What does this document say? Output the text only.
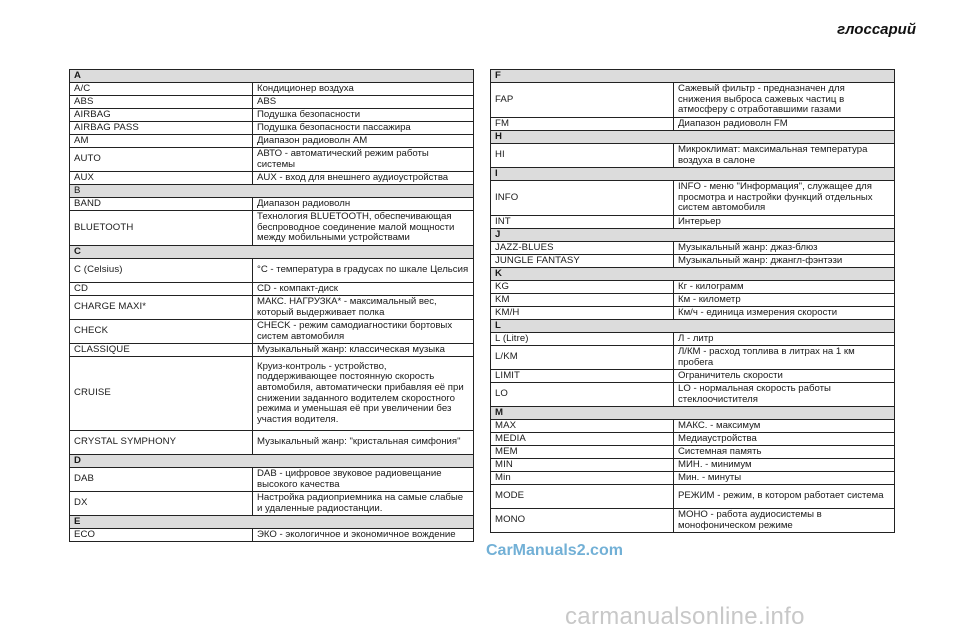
глоссарий
A	
A/C	Кондиционер воздуха
ABS	ABS
AIRBAG	Подушка безопасности
AIRBAG PASS	Подушка безопасности пассажира
AM	Диапазон радиоволн АМ
AUTO	АВТО - автоматический режим работы системы
AUX	AUX - вход для внешнего аудиоустройства
B	
BAND	Диапазон радиоволн
BLUETOOTH	Технология BLUETOOTH, обеспечивающая беспроводное соединение малой мощности между мобильными устройствами
C	
C (Celsius)	°C - температура в градусах по шкале Цельсия
CD	CD - компакт-диск
CHARGE MAXI*	МАКС. НАГРУЗКА* - максимальный вес, который выдерживает полка
CHECK	CHECK - режим самодиагностики бортовых систем автомобиля
CLASSIQUE	Музыкальный жанр: классическая музыка
CRUISE	Круиз-контроль - устройство, поддерживающее постоянную скорость автомобиля, автоматически прибавляя её при снижении заданного водителем скоростного режима и уменьшая её при увеличении без участия водителя.
CRYSTAL SYMPHONY	Музыкальный жанр: "кристальная симфония"
D	
DAB	DAB - цифровое звуковое радиовещание высокого качества
DX	Настройка радиоприемника на самые слабые и удаленные радиостанции.
E	
ECO	ЭКО - экологичное и экономичное вождение
F	
FAP	Сажевый фильтр - предназначен для снижения выброса сажевых частиц в атмосферу с отработавшими газами
FM	Диапазон радиоволн FM
H	
HI	Микроклимат: максимальная температура воздуха в салоне
I	
INFO	INFO - меню "Информация", служащее для просмотра и настройки функций отдельных систем автомобиля
INT	Интерьер
J	
JAZZ-BLUES	Музыкальный жанр: джаз-блюз
JUNGLE FANTASY	Музыкальный жанр: джангл-фэнтэзи
K	
KG	Кг - килограмм
KM	Км - километр
KM/H	Км/ч - единица измерения скорости
L	
L (Litre)	Л - литр
L/KM	Л/КМ - расход топлива в литрах на 1 км пробега
LIMIT	Ограничитель скорости
LO	LO - нормальная скорость работы стеклоочистителя
M	
MAX	МАКС. - максимум
MEDIA	Медиаустройства
MEM	Системная память
MIN	МИН. - минимум
Min	Мин. - минуты
MODE	РЕЖИМ - режим, в котором работает система
MONO	МОНО - работа аудиосистемы в монофоническом режиме
CarManuals2.com
carmanualsonline.info
